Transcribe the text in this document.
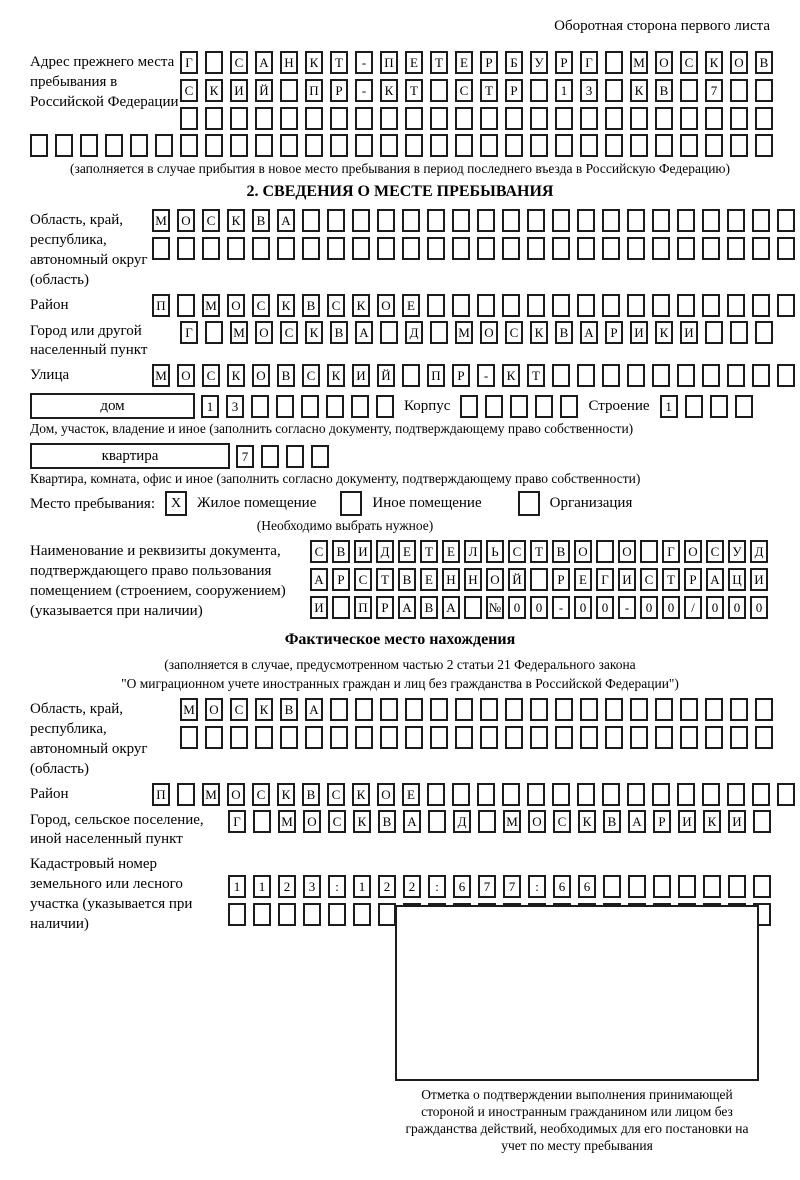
Оборотная сторона первого листа
Адрес прежнего места пребывания в Российской Федерации
Г	С	А	Н	К	Т	-	П	Е	Т	Е	Р	Б	У	Р	Г	М	О	С	К	О	В
С	К	И	Й	П	Р	-	К	Т	С	Т	Р	1	3	К	В	7
(заполняется в случае прибытия в новое место пребывания в период последнего въезда в Российскую Федерацию)
2. СВЕДЕНИЯ О МЕСТЕ ПРЕБЫВАНИЯ
Область, край, республика, автономный округ (область)
М	О	С	К	В	А
Район	П	М	О	С	К	В	С	К	О	Е
Город или другой населенный пункт
Г	М	О	С	К	В	А	Д	М	О	С	К	В	А	Р	И	К	И
Улица	М	О	С	К	О	В	С	К	И	Й	П	Р	-	К	Т
дом	1	3	Корпус	Строение	1
Дом, участок, владение и иное (заполнить согласно документу, подтверждающему право собственности)
квартира	7
Квартира, комната, офис и иное (заполнить согласно документу, подтверждающему право собственности)
Место пребывания:	X	Жилое помещение	Иное помещение	Организация
(Необходимо выбрать нужное)
Наименование и реквизиты документа, подтверждающего право пользования помещением (строением, сооружением) (указывается при наличии)
С	В И Д	Е	Т	Е	Л	Ь	С	Т	В О	О	Г	О С	У Д
А	Р	С	Т	В	Е	Н Н О Й	Р	Е	Г	И С	Т	Р	А Ц И
И	П	Р	А В А	№ 0	0	-	0	0	-	0	0	/	0	0	0
Фактическое место нахождения
(заполняется в случае, предусмотренном частью 2 статьи 21 Федерального закона
"О миграционном учете иностранных граждан и лиц без гражданства в Российской Федерации")
Область, край, республика, автономный округ (область)
М	О	С	К	В	А
Район	П	М	О	С	К	В	С	К	О	Е
Город, сельское поселение, иной населенный пункт
Г	М	О	С	К	В	А	Д	М	О	С	К	В	А	Р	И	К	И
Кадастровый номер земельного или лесного участка (указывается при наличии)
1	1	2	3	:	1	2	2	:	6	7	7	:	6	6
Отметка о подтверждении выполнения принимающей стороной и иностранным гражданином или лицом без гражданства действий, необходимых для его постановки на учет по месту пребывания
